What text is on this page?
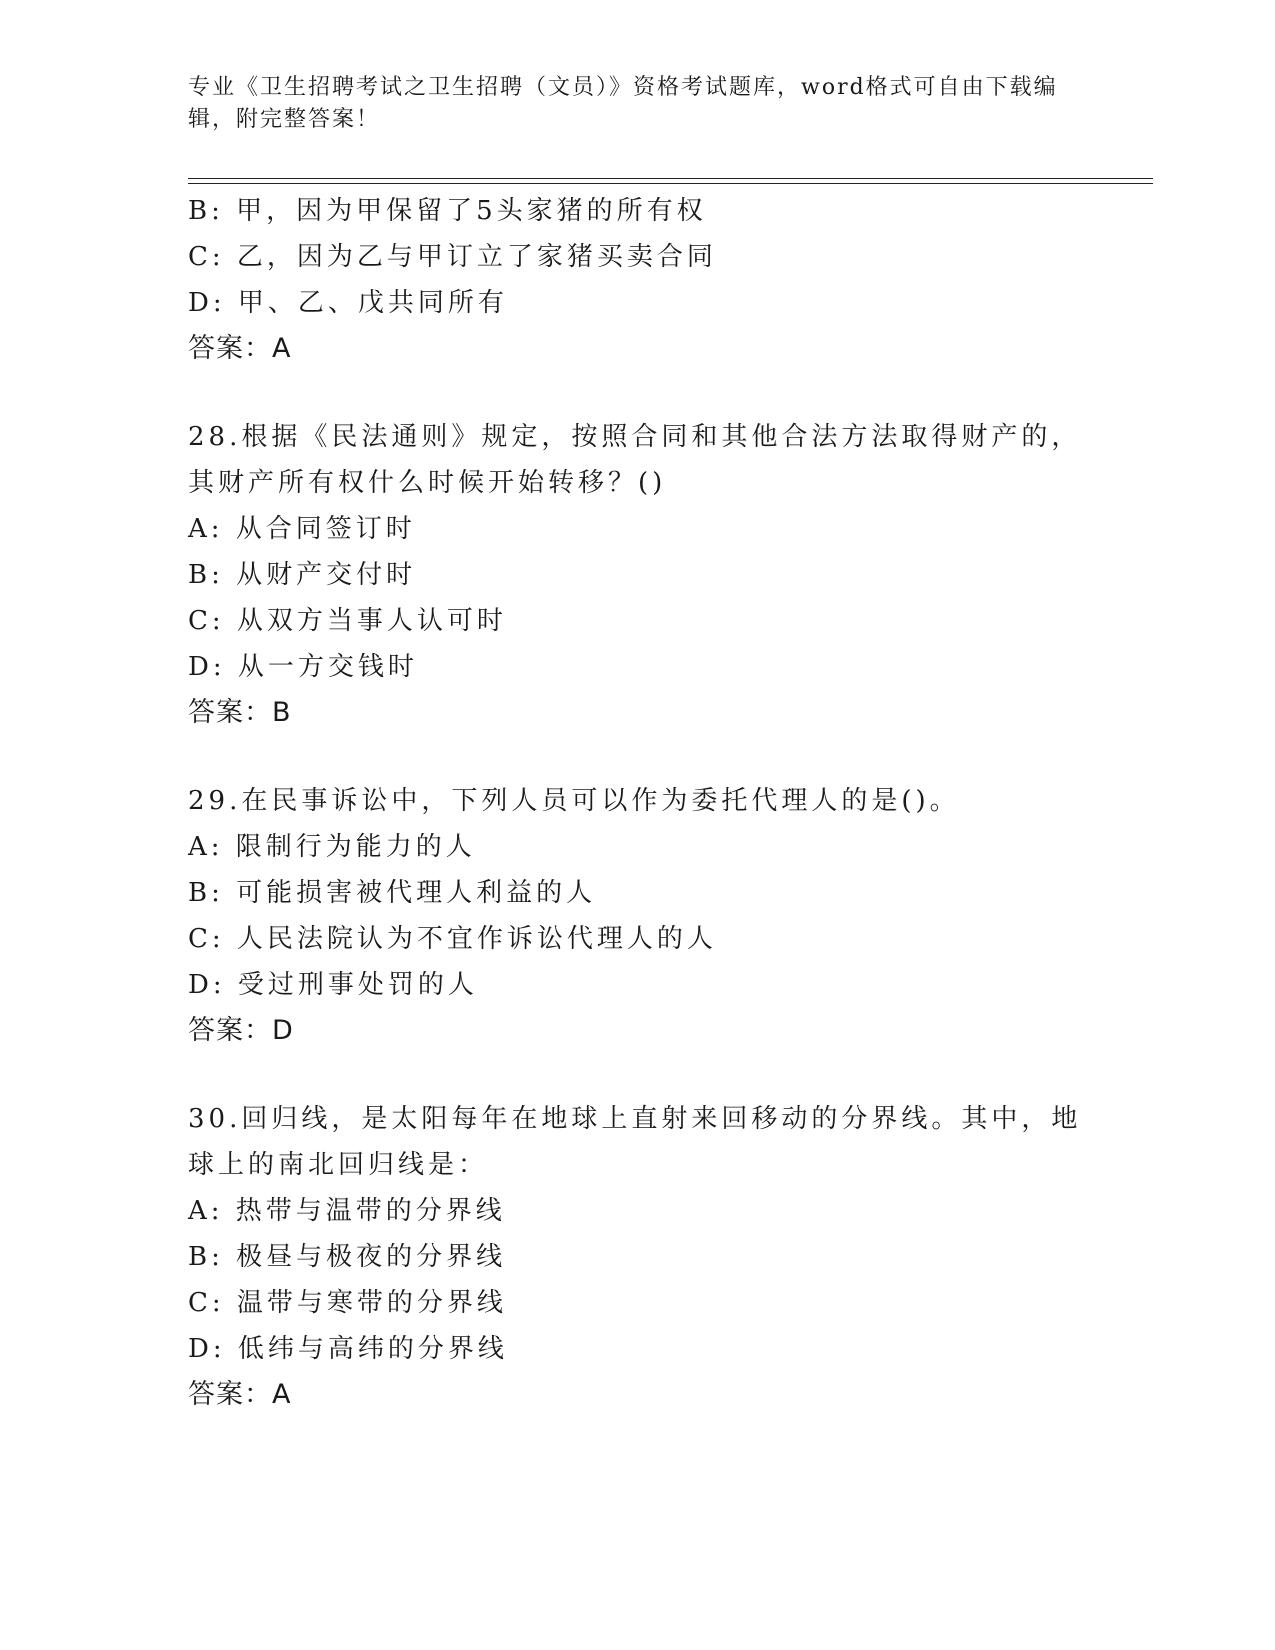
专业《卫生招聘考试之卫生招聘（文员）》资格考试题库，word格式可自由下载编辑，附完整答案！
B: 甲，因为甲保留了5头家猪的所有权
C: 乙，因为乙与甲订立了家猪买卖合同
D: 甲、乙、戊共同所有
答案：A
28.根据《民法通则》规定，按照合同和其他合法方法取得财产的，其财产所有权什么时候开始转移？()
A: 从合同签订时
B: 从财产交付时
C: 从双方当事人认可时
D: 从一方交钱时
答案：B
29.在民事诉讼中，下列人员可以作为委托代理人的是()。
A: 限制行为能力的人
B: 可能损害被代理人利益的人
C: 人民法院认为不宜作诉讼代理人的人
D: 受过刑事处罚的人
答案：D
30.回归线，是太阳每年在地球上直射来回移动的分界线。其中，地球上的南北回归线是：
A: 热带与温带的分界线
B: 极昼与极夜的分界线
C: 温带与寒带的分界线
D: 低纬与高纬的分界线
答案：A
